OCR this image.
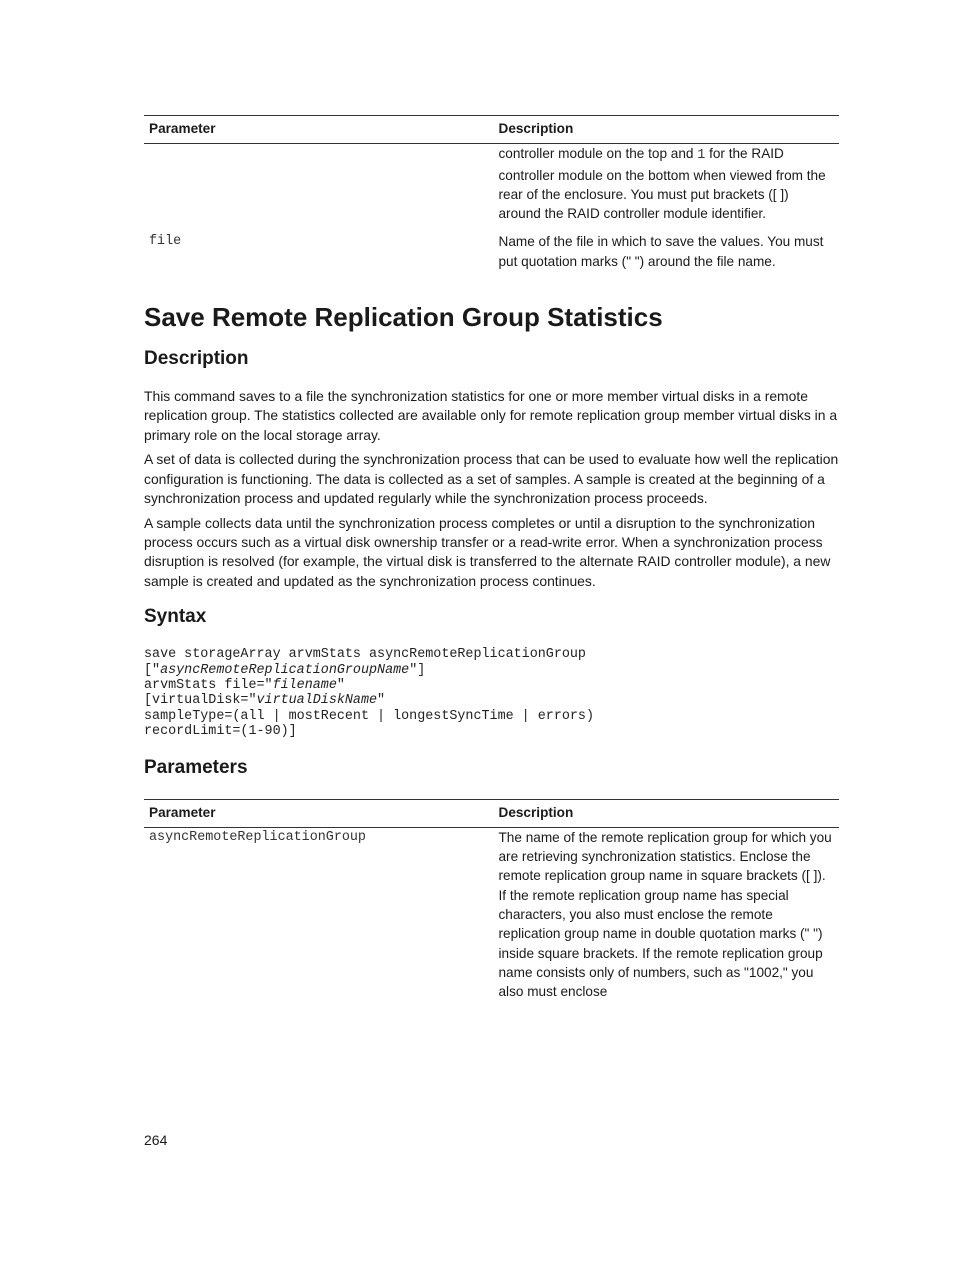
Parameter	Description
	controller module on the top and 1 for the RAID controller module on the bottom when viewed from the rear of the enclosure. You must put brackets ([ ]) around the RAID controller module identifier.
file	Name of the file in which to save the values. You must put quotation marks (" ") around the file name.
Save Remote Replication Group Statistics
Description

This command saves to a file the synchronization statistics for one or more member virtual disks in a remote replication group. The statistics collected are available only for remote replication group member virtual disks in a primary role on the local storage array.

A set of data is collected during the synchronization process that can be used to evaluate how well the replication configuration is functioning. The data is collected as a set of samples. A sample is created at the beginning of a synchronization process and updated regularly while the synchronization process proceeds.

A sample collects data until the synchronization process completes or until a disruption to the synchronization process occurs such as a virtual disk ownership transfer or a read-write error. When a synchronization process disruption is resolved (for example, the virtual disk is transferred to the alternate RAID controller module), a new sample is created and updated as the synchronization process continues.

Syntax
save storageArray arvmStats asyncRemoteReplicationGroup
["asyncRemoteReplicationGroupName"]
arvmStats file="filename"
[virtualDisk="virtualDiskName"
sampleType=(all | mostRecent | longestSyncTime | errors)
recordLimit=(1-90)]
Parameters
Parameter	Description
asyncRemoteReplicationGroup	The name of the remote replication group for which you are retrieving synchronization statistics. Enclose the remote replication group name in square brackets ([ ]). If the remote replication group name has special characters, you also must enclose the remote replication group name in double quotation marks (" ") inside square brackets. If the remote replication group name consists only of numbers, such as "1002," you also must enclose
264
